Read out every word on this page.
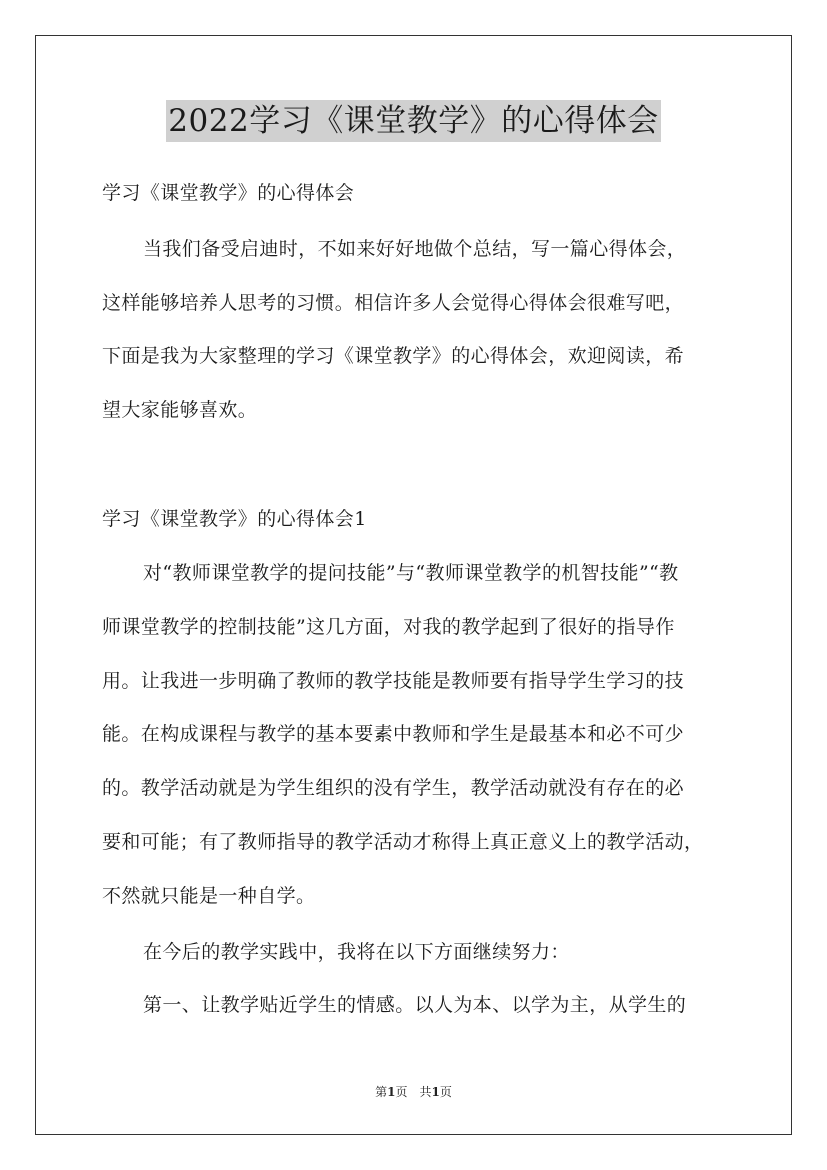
2022学习《课堂教学》的心得体会
学习《课堂教学》的心得体会
当我们备受启迪时，不如来好好地做个总结，写一篇心得体会，
这样能够培养人思考的习惯。相信许多人会觉得心得体会很难写吧，
下面是我为大家整理的学习《课堂教学》的心得体会，欢迎阅读，希
望大家能够喜欢。
学习《课堂教学》的心得体会1
对“教师课堂教学的提问技能”与“教师课堂教学的机智技能”“教
师课堂教学的控制技能”这几方面，对我的教学起到了很好的指导作
用。让我进一步明确了教师的教学技能是教师要有指导学生学习的技
能。在构成课程与教学的基本要素中教师和学生是最基本和必不可少
的。教学活动就是为学生组织的没有学生，教学活动就没有存在的必
要和可能；有了教师指导的教学活动才称得上真正意义上的教学活动，
不然就只能是一种自学。
在今后的教学实践中，我将在以下方面继续努力：
第一、让教学贴近学生的情感。以人为本、以学为主，从学生的
第1页　共1页
